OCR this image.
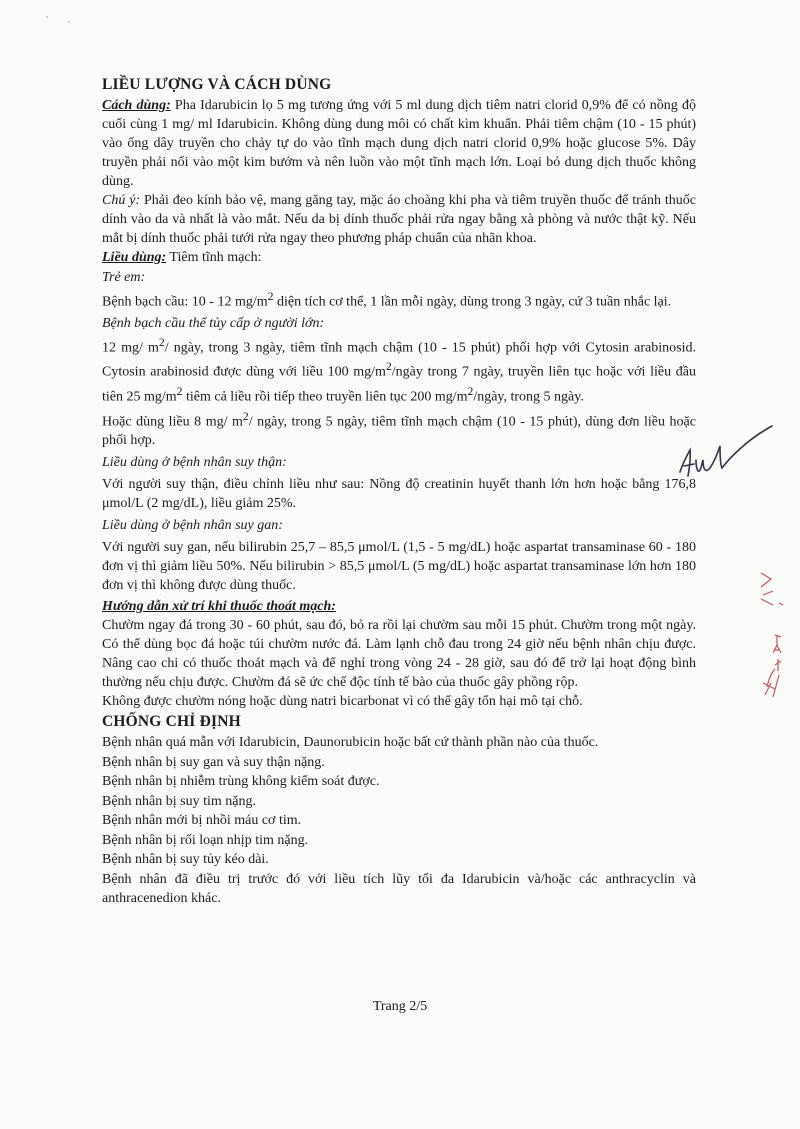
LIỀU LƯỢNG VÀ CÁCH DÙNG

Cách dùng: Pha Idarubicin lọ 5 mg tương ứng với 5 ml dung dịch tiêm natri clorid 0,9% để có nồng độ cuối cùng 1 mg/ ml Idarubicin. Không dùng dung môi có chất kìm khuẩn. Phải tiêm chậm (10 - 15 phút) vào ống dây truyền cho chảy tự do vào tĩnh mạch dung dịch natri clorid 0,9% hoặc glucose 5%. Dây truyền phải nối vào một kim bướm và nên luồn vào một tĩnh mạch lớn. Loại bỏ dung dịch thuốc không dùng.

Chú ý: Phải đeo kính bảo vệ, mang găng tay, mặc áo choàng khi pha và tiêm truyền thuốc để tránh thuốc dính vào da và nhất là vào mắt. Nếu da bị dính thuốc phải rửa ngay bằng xà phòng và nước thật kỹ. Nếu mắt bị dính thuốc phải tưới rửa ngay theo phương pháp chuẩn của nhãn khoa.

Liều dùng: Tiêm tĩnh mạch:

Trẻ em:

Bệnh bạch cầu: 10 - 12 $mg/m^2$ diện tích cơ thể, 1 lần mỗi ngày, dùng trong 3 ngày, cứ 3 tuần nhắc lại.

Bệnh bạch cầu thể tủy cấp ở người lớn:

12 mg/ $m^2/$ ngày, trong 3 ngày, tiêm tĩnh mạch chậm (10 - 15 phút) phối hợp với Cytosin arabinosid. Cytosin arabinosid được dùng với liều 100 $mg/m^2$/ngày trong 7 ngày, truyền liên tục hoặc với liều đầu tiên 25 $mg/m^2$ tiêm cả liều rồi tiếp theo truyền liên tục 200 $mg/m^2$/ngày, trong 5 ngày.

Hoặc dùng liều 8 mg/ $m^2/$ ngày, trong 5 ngày, tiêm tĩnh mạch chậm (10 - 15 phút), dùng đơn liều hoặc phối hợp.

Liều dùng ở bệnh nhân suy thận:

Với người suy thận, điều chỉnh liều như sau: Nồng độ creatinin huyết thanh lớn hơn hoặc bằng 176,8 μmol/L (2 mg/dL), liều giảm 25%.

Liều dùng ở bệnh nhân suy gan:

Với người suy gan, nếu bilirubin 25,7 – 85,5 μmol/L (1,5 - 5 mg/dL) hoặc aspartat transaminase 60 - 180 đơn vị thì giảm liều 50%. Nếu bilirubin > 85,5 μmol/L (5 mg/dL) hoặc aspartat transaminase lớn hơn 180 đơn vị thì không được dùng thuốc.

Hướng dẫn xử trí khi thuốc thoát mạch:

Chườm ngay đá trong 30 - 60 phút, sau đó, bỏ ra rồi lại chườm sau mỗi 15 phút. Chườm trong một ngày. Có thể dùng bọc đá hoặc túi chườm nước đá. Làm lạnh chỗ đau trong 24 giờ nếu bệnh nhân chịu được. Nâng cao chi có thuốc thoát mạch và để nghỉ trong vòng 24 - 28 giờ, sau đó để trở lại hoạt động bình thường nếu chịu được. Chườm đá sẽ ức chế độc tính tế bào của thuốc gây phồng rộp.

Không được chườm nóng hoặc dùng natri bicarbonat vì có thể gây tổn hại mô tại chỗ.

CHỐNG CHỈ ĐỊNH

Bệnh nhân quá mẫn với Idarubicin, Daunorubicin hoặc bất cứ thành phần nào của thuốc.

Bệnh nhân bị suy gan và suy thận nặng.

Bệnh nhân bị nhiễm trùng không kiểm soát được.

Bệnh nhân bị suy tim nặng.

Bệnh nhân mới bị nhồi máu cơ tim.

Bệnh nhân bị rối loạn nhịp tim nặng.

Bệnh nhân bị suy tủy kéo dài.

Bệnh nhân đã điều trị trước đó với liều tích lũy tối đa Idarubicin và/hoặc các anthracyclin và anthracenedion khác.

Trang 2/5
